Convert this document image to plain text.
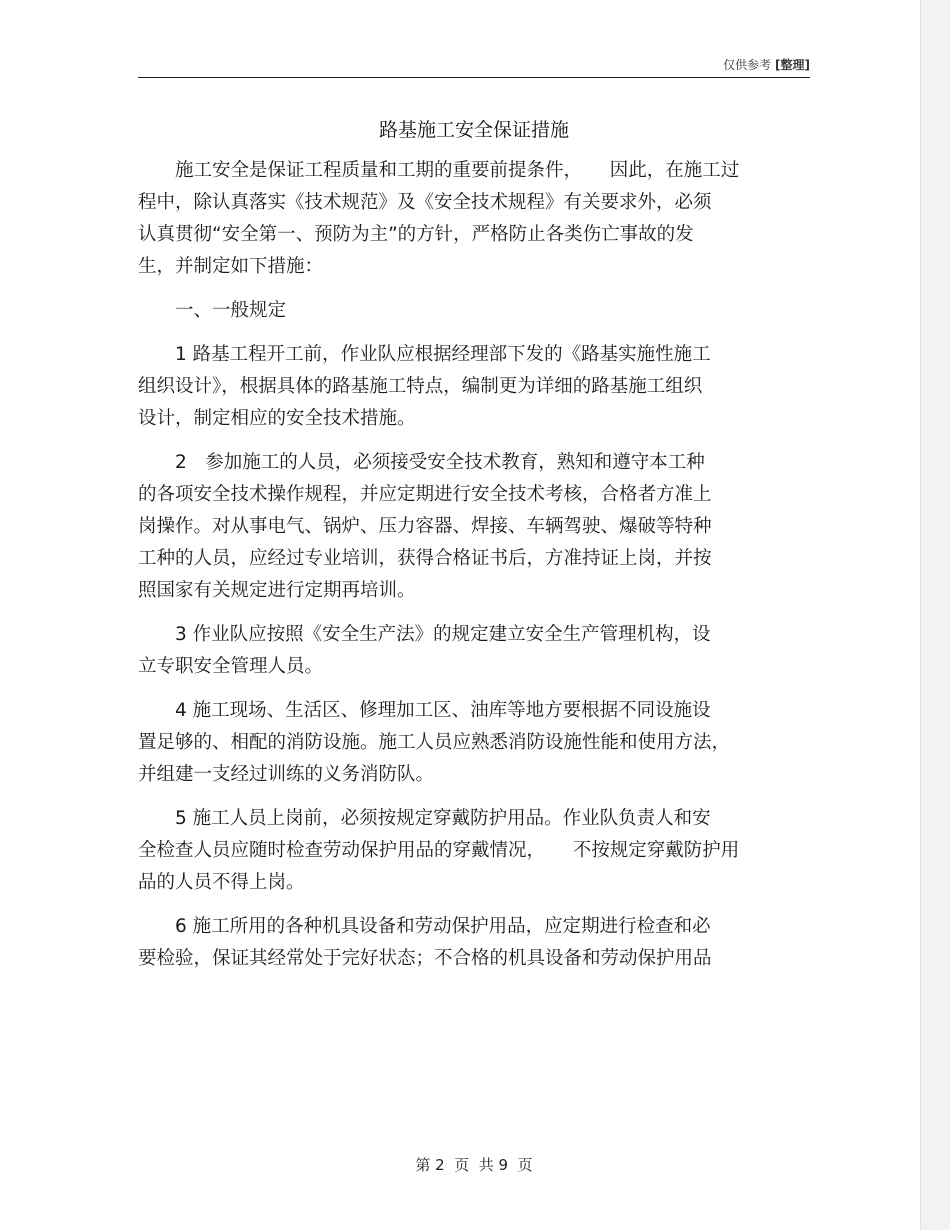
仅供参考 [整理]
路基施工安全保证措施
　　施工安全是保证工程质量和工期的重要前提条件，　　因此，在施工过
程中，除认真落实《技术规范》及《安全技术规程》有关要求外，必须
认真贯彻“安全第一、预防为主”的方针，严格防止各类伤亡事故的发
生，并制定如下措施：
　　一、一般规定
　　1 路基工程开工前，作业队应根据经理部下发的《路基实施性施工
组织设计》，根据具体的路基施工特点，编制更为详细的路基施工组织
设计，制定相应的安全技术措施。
　　2　参加施工的人员，必须接受安全技术教育，熟知和遵守本工种
的各项安全技术操作规程，并应定期进行安全技术考核，合格者方准上
岗操作。对从事电气、锅炉、压力容器、焊接、车辆驾驶、爆破等特种
工种的人员，应经过专业培训，获得合格证书后，方准持证上岗，并按
照国家有关规定进行定期再培训。
　　3 作业队应按照《安全生产法》的规定建立安全生产管理机构，设
立专职安全管理人员。
　　4 施工现场、生活区、修理加工区、油库等地方要根据不同设施设
置足够的、相配的消防设施。施工人员应熟悉消防设施性能和使用方法，
并组建一支经过训练的义务消防队。
　　5 施工人员上岗前，必须按规定穿戴防护用品。作业队负责人和安
全检查人员应随时检查劳动保护用品的穿戴情况，　　不按规定穿戴防护用
品的人员不得上岗。
　　6 施工所用的各种机具设备和劳动保护用品，应定期进行检查和必
要检验，保证其经常处于完好状态；不合格的机具设备和劳动保护用品
第 2  页  共 9  页
